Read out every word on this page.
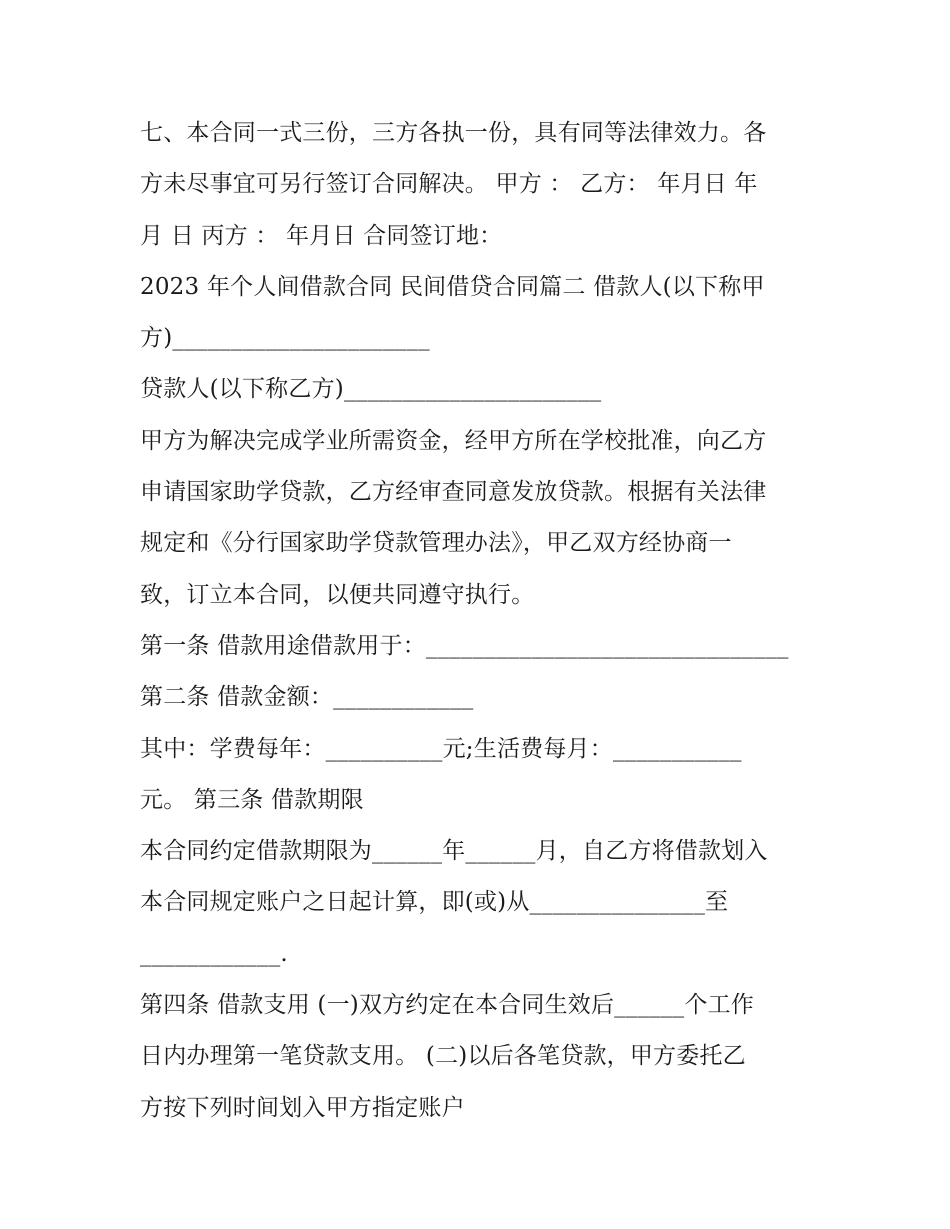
七、本合同一式三份，三方各执一份，具有同等法律效力。各
方未尽事宜可另行签订合同解决。 甲方 ： 乙方： 年月日 年
月 日 丙方 ： 年月日 合同签订地：
2023 年个人间借款合同 民间借贷合同篇二 借款人(以下称甲
方)______________________
贷款人(以下称乙方)______________________
甲方为解决完成学业所需资金，经甲方所在学校批准，向乙方
申请国家助学贷款，乙方经审查同意发放贷款。根据有关法律
规定和《分行国家助学贷款管理办法》，甲乙双方经协商一
致，订立本合同，以便共同遵守执行。
第一条 借款用途借款用于：_______________________________
第二条 借款金额：____________
其中：学费每年：__________元;生活费每月：___________
元。 第三条 借款期限
本合同约定借款期限为______年______月，自乙方将借款划入
本合同规定账户之日起计算，即(或)从_______________至
____________.
第四条 借款支用 (一)双方约定在本合同生效后______个工作
日内办理第一笔贷款支用。 (二)以后各笔贷款，甲方委托乙
方按下列时间划入甲方指定账户
